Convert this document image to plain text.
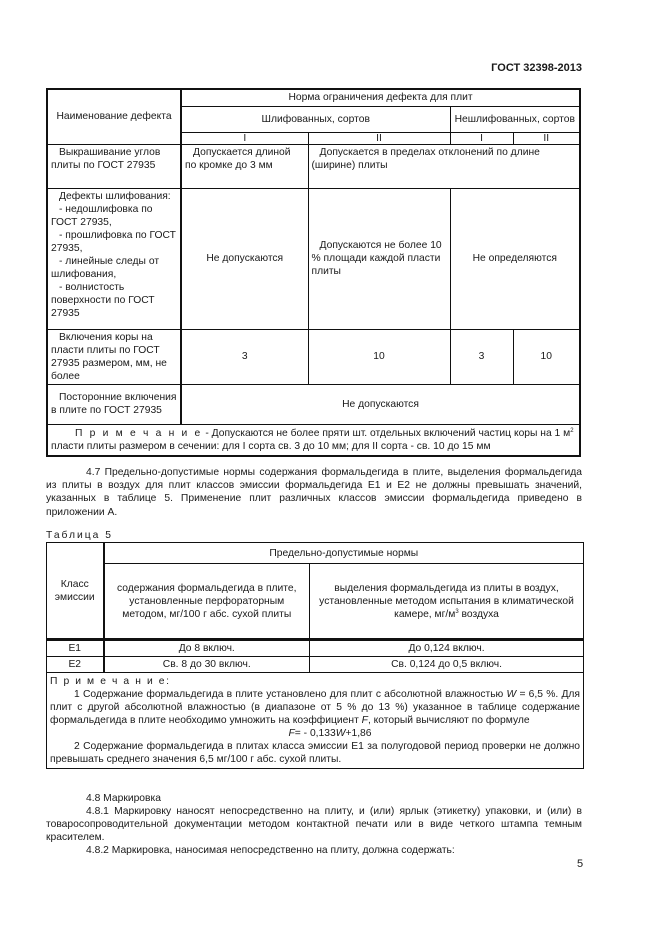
ГОСТ 32398-2013
Наименование дефекта	Норма ограничения дефекта для плит			
	Шлифованных, сортов		Нешлифованных, сортов	
	I	II	I	II
Выкрашивание углов плиты по ГОСТ 27935	Допускается длиной по кромке до 3 мм	Допускается в пределах отклонений по длине (ширине) плиты		

Дефекты шлифования:
- недошлифовка по ГОСТ 27935,
- прошлифовка по ГОСТ 27935,
- линейные следы от шлифования,
- волнистость поверхности по ГОСТ 27935	Не допускаются	Допускаются не более 10 % площади каждой пласти плиты	Не определяются	
Включения коры на пласти плиты по ГОСТ 27935 размером, мм, не более	3	10	3	10
Посторонние включения в плите по ГОСТ 27935	Не допускаются			
П р и м е ч а н и е - Допускаются не более пряти шт. отдельных включений частиц коры на 1 $м^2$ пласти плиты размером в сечении: для I сорта св. 3 до 10 мм; для II сорта - св. 10 до 15 мм				
4.7 Предельно-допустимые нормы содержания формальдегида в плите, выделения формальдегида из плиты в воздух для плит классов эмиссии формальдегида Е1 и Е2 не должны превышать значений, указанных в таблице 5. Применение плит различных классов эмиссии формальдегида приведено в приложении А.
Таблица 5
Класс эмиссии	Предельно-допустимые нормы	
	содержания формальдегида в плите, установленные перфораторным методом, мг/100 г абс. сухой плиты	выделения формальдегида из плиты в воздух, установленные методом испытания в климатической камере, $мг/м^3$ воздуха
Е1	До 8 включ.	До 0,124 включ.
Е2	Св. 8 до 30 включ.	Св. 0,124 до 0,5 включ.

П р и м е ч а н и е:

1 Содержание формальдегида в плите установлено для плит с абсолютной влажностью W = 6,5 %. Для плит с другой абсолютной влажностью (в диапазоне от 5 % до 13 %) указанное в таблице содержание формальдегида в плите необходимо умножить на коэффициент F, который вычисляют по формуле

F= - 0,133W+1,86

2 Содержание формальдегида в плитах класса эмиссии Е1 за полугодовой период проверки не должно превышать среднего значения 6,5 мг/100 г абс. сухой плиты.		

4.8 Маркировка
4.8.1 Маркировку наносят непосредственно на плиту, и (или) ярлык (этикетку) упаковки, и (или) в товаросопроводительной документации методом контактной печати или в виде четкого штампа темным красителем.
4.8.2 Маркировка, наносимая непосредственно на плиту, должна содержать:
5
